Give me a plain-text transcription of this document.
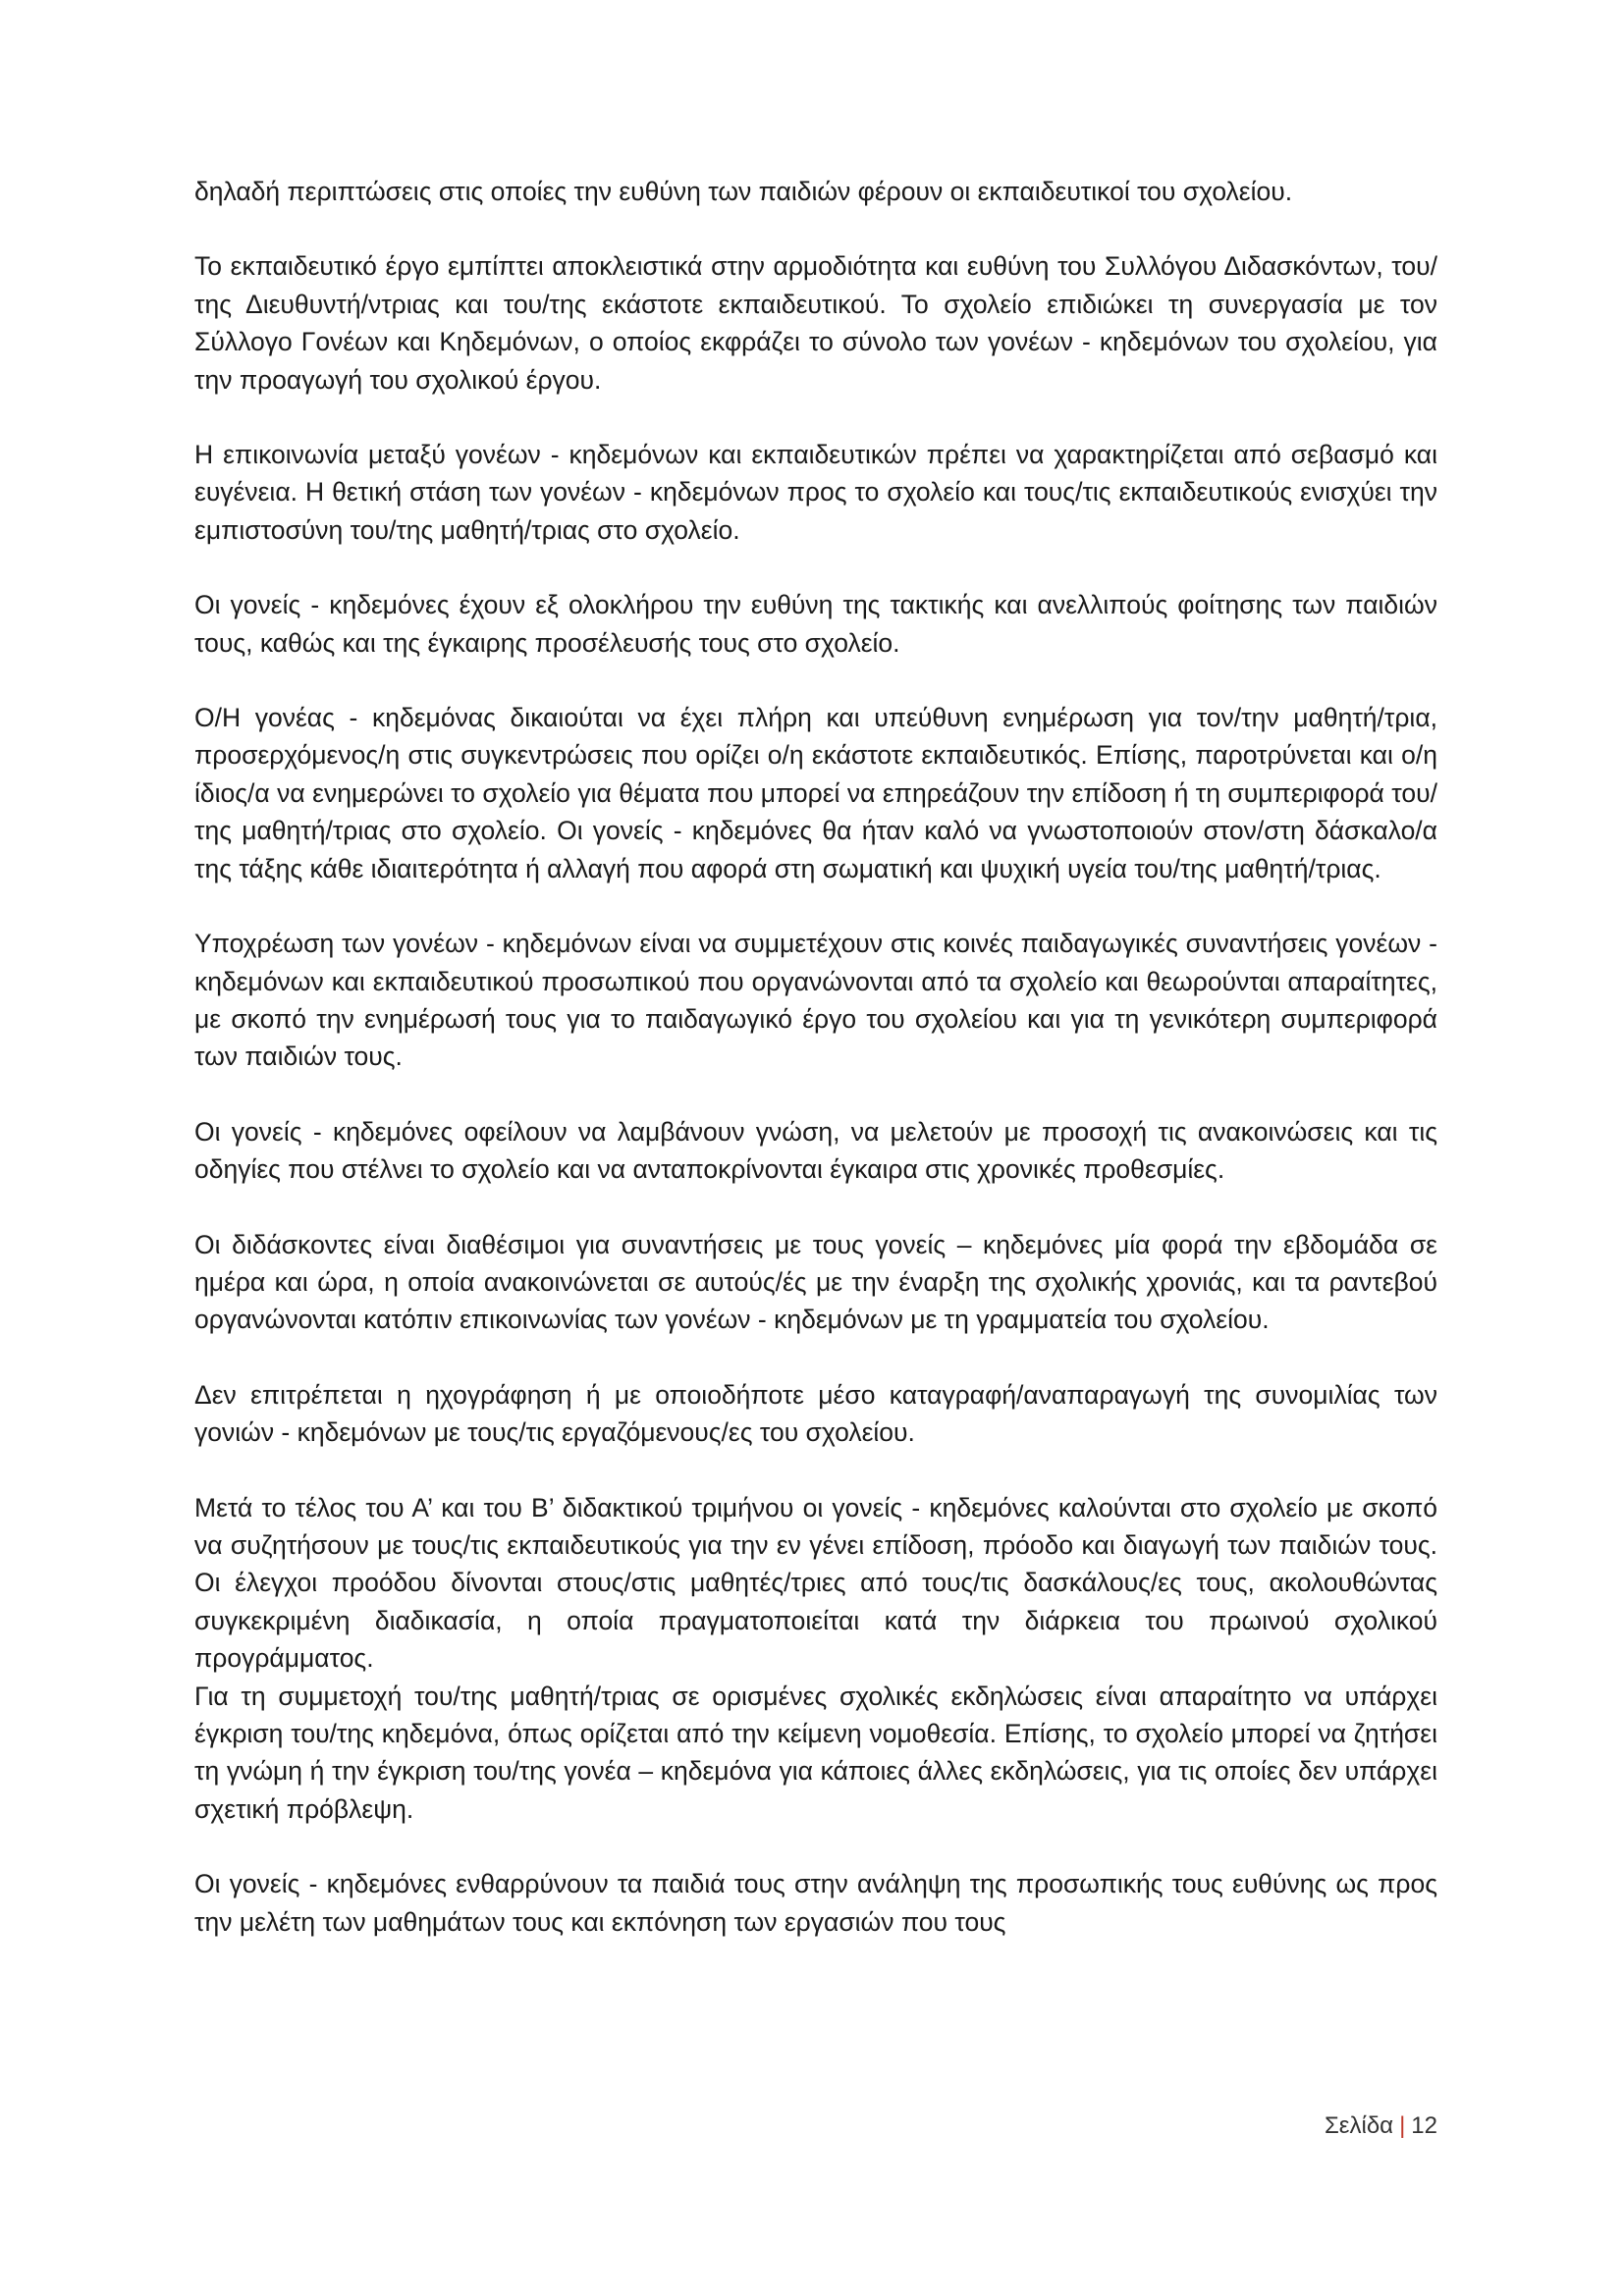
δηλαδή περιπτώσεις στις οποίες την ευθύνη των παιδιών φέρουν οι εκπαιδευτικοί του σχολείου.

Το εκπαιδευτικό έργο εμπίπτει αποκλειστικά στην αρμοδιότητα και ευθύνη του Συλλόγου Διδασκόντων, του/της Διευθυντή/ντριας και του/της εκάστοτε εκπαιδευτικού. Το σχολείο επιδιώκει τη συνεργασία με τον Σύλλογο Γονέων και Κηδεμόνων, ο οποίος εκφράζει το σύνολο των γονέων - κηδεμόνων του σχολείου, για την προαγωγή του σχολικού έργου.

Η επικοινωνία μεταξύ γονέων - κηδεμόνων και εκπαιδευτικών πρέπει να χαρακτηρίζεται από σεβασμό και ευγένεια. Η θετική στάση των γονέων - κηδεμόνων προς το σχολείο και τους/τις εκπαιδευτικούς ενισχύει την εμπιστοσύνη του/της μαθητή/τριας στο σχολείο.

Οι γονείς - κηδεμόνες έχουν εξ ολοκλήρου την ευθύνη της τακτικής και ανελλιπούς φοίτησης των παιδιών τους, καθώς και της έγκαιρης προσέλευσής τους στο σχολείο.

Ο/Η γονέας - κηδεμόνας δικαιούται να έχει πλήρη και υπεύθυνη ενημέρωση για τον/την μαθητή/τρια, προσερχόμενος/η στις συγκεντρώσεις που ορίζει ο/η εκάστοτε εκπαιδευτικός. Επίσης, παροτρύνεται και ο/η ίδιος/α να ενημερώνει το σχολείο για θέματα που μπορεί να επηρεάζουν την επίδοση ή τη συμπεριφορά του/της μαθητή/τριας στο σχολείο. Οι γονείς - κηδεμόνες θα ήταν καλό να γνωστοποιούν στον/στη δάσκαλο/α της τάξης κάθε ιδιαιτερότητα ή αλλαγή που αφορά στη σωματική και ψυχική υγεία του/της μαθητή/τριας.

Υποχρέωση των γονέων - κηδεμόνων είναι να συμμετέχουν στις κοινές παιδαγωγικές συναντήσεις γονέων - κηδεμόνων και εκπαιδευτικού προσωπικού που οργανώνονται από τα σχολείο και θεωρούνται απαραίτητες, με σκοπό την ενημέρωσή τους για το παιδαγωγικό έργο του σχολείου και για τη γενικότερη συμπεριφορά των παιδιών τους.

Οι γονείς - κηδεμόνες οφείλουν να λαμβάνουν γνώση, να μελετούν με προσοχή τις ανακοινώσεις και τις οδηγίες που στέλνει το σχολείο και να ανταποκρίνονται έγκαιρα στις χρονικές προθεσμίες.

Οι διδάσκοντες είναι διαθέσιμοι για συναντήσεις με τους γονείς – κηδεμόνες μία φορά την εβδομάδα σε ημέρα και ώρα, η οποία ανακοινώνεται σε αυτούς/ές με την έναρξη της σχολικής χρονιάς, και τα ραντεβού οργανώνονται κατόπιν επικοινωνίας των γονέων - κηδεμόνων με τη γραμματεία του σχολείου.

Δεν επιτρέπεται η ηχογράφηση ή με οποιοδήποτε μέσο καταγραφή/αναπαραγωγή της συνομιλίας των γονιών - κηδεμόνων με τους/τις εργαζόμενους/ες του σχολείου.

Μετά το τέλος του Α’ και του Β’ διδακτικού τριμήνου οι γονείς - κηδεμόνες καλούνται στο σχολείο με σκοπό να συζητήσουν με τους/τις εκπαιδευτικούς για την εν γένει επίδοση, πρόοδο και διαγωγή των παιδιών τους. Οι έλεγχοι προόδου δίνονται στους/στις μαθητές/τριες από τους/τις δασκάλους/ες τους, ακολουθώντας συγκεκριμένη διαδικασία, η οποία πραγματοποιείται κατά την διάρκεια του πρωινού σχολικού προγράμματος.

Για τη συμμετοχή του/της μαθητή/τριας σε ορισμένες σχολικές εκδηλώσεις είναι απαραίτητο να υπάρχει έγκριση του/της κηδεμόνα, όπως ορίζεται από την κείμενη νομοθεσία. Επίσης, το σχολείο μπορεί να ζητήσει τη γνώμη ή την έγκριση του/της γονέα – κηδεμόνα για κάποιες άλλες εκδηλώσεις, για τις οποίες δεν υπάρχει σχετική πρόβλεψη.

Οι γονείς - κηδεμόνες ενθαρρύνουν τα παιδιά τους στην ανάληψη της προσωπικής τους ευθύνης ως προς την μελέτη των μαθημάτων τους και εκπόνηση των εργασιών που τους

Σελίδα | 12
